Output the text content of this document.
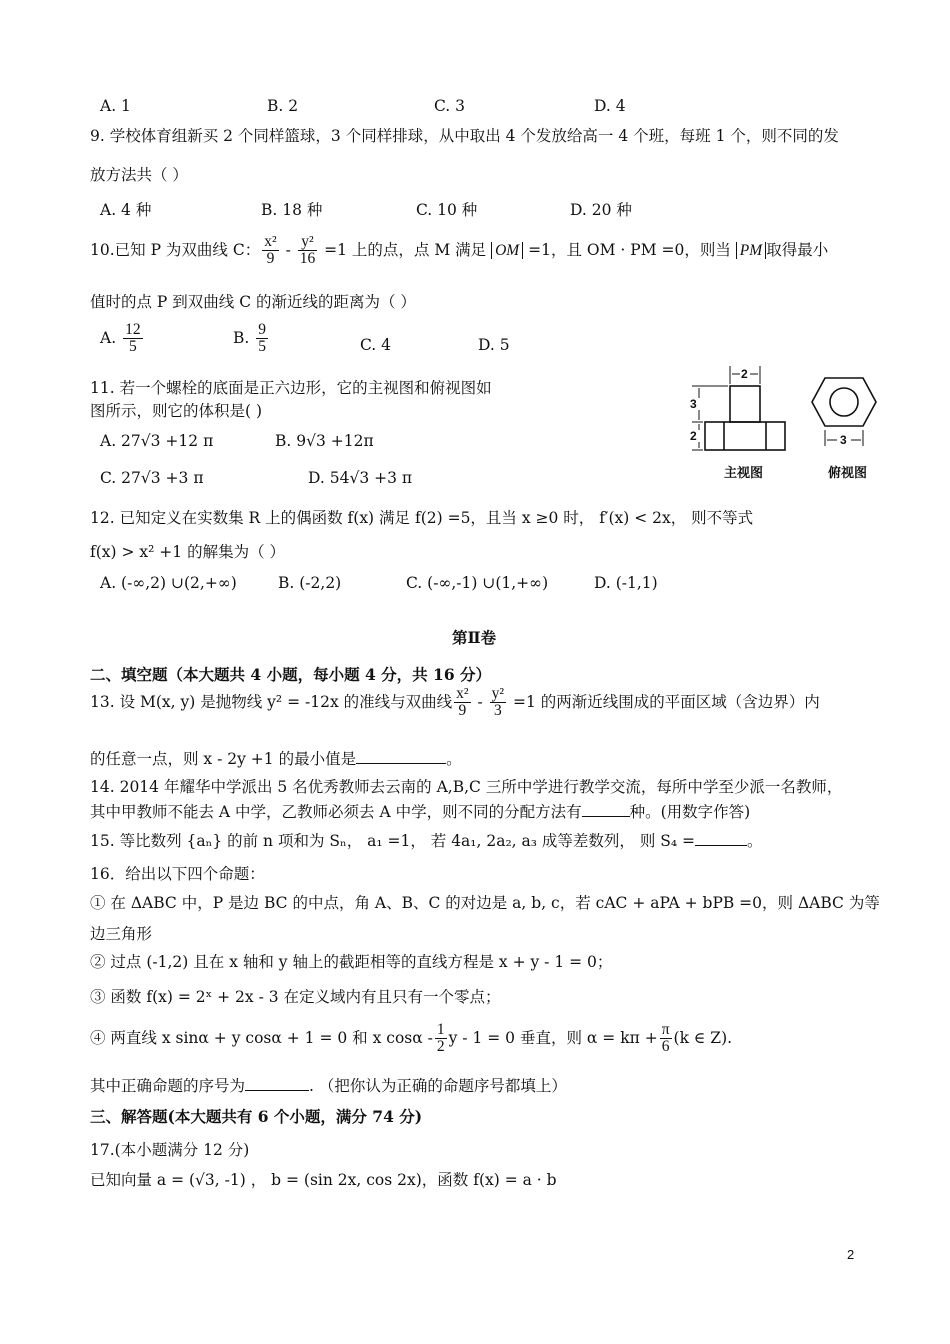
A. 1	B. 2	C. 3	D. 4
9. 学校体育组新买 2 个同样篮球，3 个同样排球，从中取出 4 个发放给高一 4 个班，每班 1 个，则不同的发
放方法共（ ）
A. 4 种	B. 18 种	C. 10 种	D. 20 种
10.已知 P 为双曲线 C： $\frac{\text{x²}}{9} - \frac{\text{y²}}{16} =1$ 上的点，点 M 满足 OM =1，且 OM · PM =0，则当 PM 取得最小
值时的点 P 到双曲线 C 的渐近线的距离为（ ）
A. $\frac{12}{5}$	B. $\frac{9}{5}$	C. 4	D. 5
11. 若一个螺栓的底面是正六边形，它的主视图和俯视图如
图所示，则它的体积是( )
A. 27√3 +12 π	B. 9√3 +12π
C. 27√3 +3 π	D. 54√3 +3 π
2
3
2	3
主视图	俯视图
12. 已知定义在实数集 R 上的偶函数 f(x) 满足 f(2) =5，且当 x ≥0 时， f′(x) < 2x， 则不等式
f(x) > x² +1 的解集为（ ）
A. (-∞,2) ∪(2,+∞)	B. (-2,2)	C. (-∞,-1) ∪(1,+∞)	D. (-1,1)
第Ⅱ卷
二、填空题（本大题共 4 小题，每小题 4 分，共 16 分）
13. 设 M(x, y) 是抛物线 y² = -12x 的准线与双曲线 $\frac{\text{x²}}{9} - \frac{\text{y²}}{3} =1$ 的两渐近线围成的平面区域（含边界）内
的任意一点，则 x - 2y +1 的最小值是	。
14. 2014 年耀华中学派出 5 名优秀教师去云南的 A,B,C 三所中学进行教学交流，每所中学至少派一名教师，
其中甲教师不能去 A 中学，乙教师必须去 A 中学，则不同的分配方法有	种。(用数字作答)
15. 等比数列 {aₙ} 的前 n 项和为 Sₙ， a₁ =1， 若 4a₁, 2a₂, a₃ 成等差数列， 则 S₄ =	。
16．给出以下四个命题：
① 在 ΔABC 中，P 是边 BC 的中点，角 A、B、C 的对边是 a, b, c，若 cAC + aPA + bPB =0，则 ΔABC 为等
边三角形
② 过点 (-1,2) 且在 x 轴和 y 轴上的截距相等的直线方程是 x + y - 1 = 0；
③ 函数 f(x) = 2ˣ + 2x - 3 在定义域内有且只有一个零点；
④ 两直线 x sinα + y cosα + 1 = 0 和 x cosα - $\frac{1}{2}$ y - 1 = 0 垂直，则 $\alpha = k\pi + \frac{\pi}{6} (k$ ∈ Z).
其中正确命题的序号为	. （把你认为正确的命题序号都填上）
三、解答题(本大题共有 6 个小题，满分 74 分)
17.(本小题满分 12 分)
已知向量 a = (√3, -1) ， b = (sin 2x, cos 2x)，函数 f(x) = a · b
2
